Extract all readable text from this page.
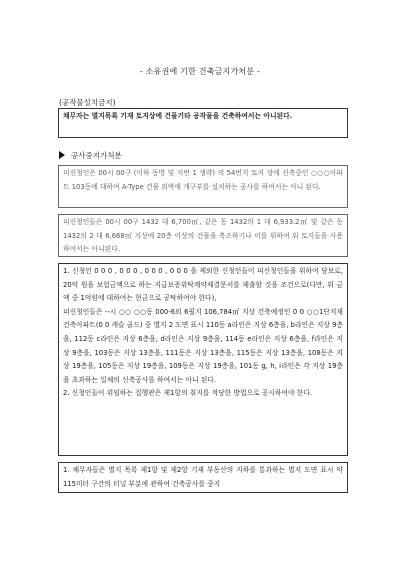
- 소유권에 기한 건축금지가처분 -
(공작물설치금지)

채무자는 별지목록 기재 토지상에 건물기타 공작물을 건축하여서는 아니된다.

공사중지가처분

피신청인은 00시 00구 (이하 동명 및 지번 1 생략) 의 54번지 토지 상에 신축중인 ○○○아파트 103동에 대하여 A-Type 건물 외벽에 개구부를 설치하는 공사를 하여서는 아니 된다.

피신청인들은 00시 00구 1432 대 6,700㎡, 같은 동 1432의 1 대 6,933.2㎡ 및 같은 동 1432의 2 대 6,668㎡ 지상에 20층 이상의 건물을 축조하기나 이를 위하여 위 토지들을 사용하여서는 아니된다.

1. 신청인 0 0 0 , 0 0 0 , 0 0 0 , 0 0 0 을 제외한 신청인들이 피신청인들을 위하여 담보로, 20억 원을 보험금액으로 하는 지급보증위탁계약체결문서를 제출할 것을 조건으로(다만, 위 금액 중 1억원에 대하여는 현금으로 공탁하여야 한다),

피신청인들은 --시 ○○ ○○동 000-6외 6필지 106,784㎡ 지상 건축예정인 0 0 ○○1단지재건축아파트(0 0 캐슬 골드) 중 별지 2 도면 표시 110동 a라인은 지상 6층을, b라인은 지상 9층을, 112동 c라인은 지상 6층을, d라인은 지상 9층을, 114동 e라인은 지상 6층을, f라인은 지상 9층을, 103동은 지상 13층을, 111동은 지상 13층을, 115동은 지상 13층을, 108동은 지상 19층을, 105동은 지상 19층을, 109동은 지상 19층을, 101동 g, h, i라인은 각 지상 19층을 초과하는 일체의 신축공사를 하여서는 아니 된다.

2. 신청인들이 위임하는 집행관은 제1항의 취지를 적당한 방법으로 공시하여야 한다.

1. 채무자들은 별지 목록 제1항 및 제2항 기재 부동산의 지하를 통과하는 별지 도면 표시 약 115미터 구간의 터널 부분에 관하여 건축공사를 중지
